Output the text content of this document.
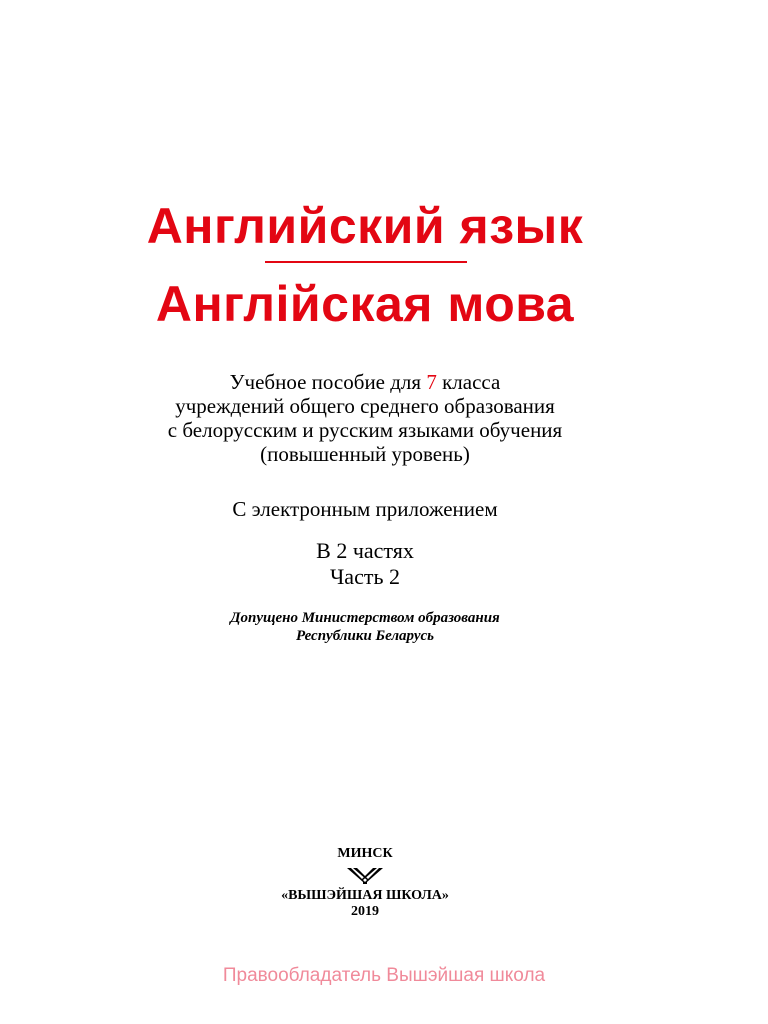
Английский язык
Англійская мова
Учебное пособие для 7 класса
учреждений общего среднего образования
с белорусским и русским языками обучения
(повышенный уровень)
С электронным приложением
В 2 частях
Часть 2
Допущено Министерством образования
Республики Беларусь
МИНСК
«ВЫШЭЙШАЯ ШКОЛА»
2019
Правообладатель Вышэйшая школа
